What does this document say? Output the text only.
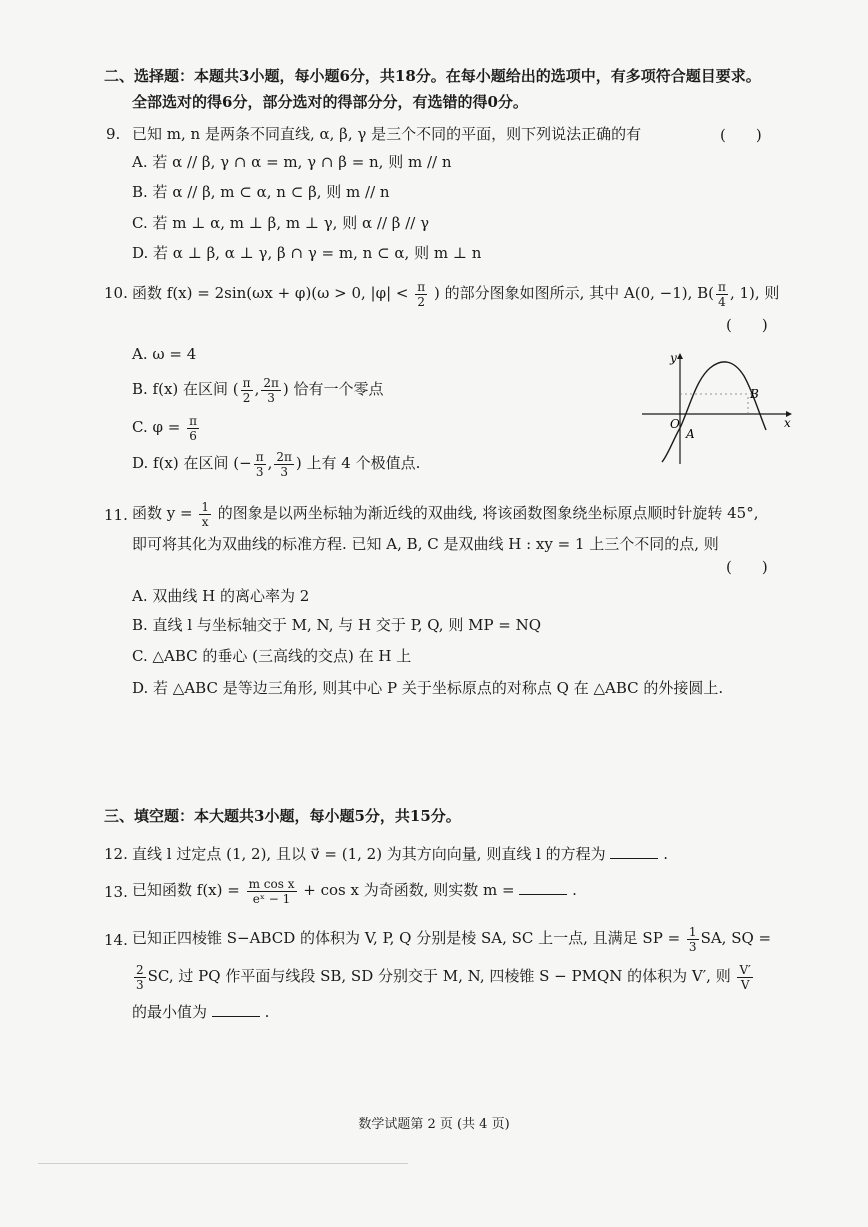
二、选择题：本题共3小题，每小题6分，共18分。在每小题给出的选项中，有多项符合题目要求。
全部选对的得6分，部分选对的得部分分，有选错的得0分。
9. 已知 m, n 是两条不同直线, α, β, γ 是三个不同的平面，则下列说法正确的有	(　　)
A. 若 α // β, γ ∩ α = m, γ ∩ β = n, 则 m // n
B. 若 α // β, m ⊂ α, n ⊂ β, 则 m // n
C. 若 m ⊥ α, m ⊥ β, m ⊥ γ, 则 α // β // γ
D. 若 α ⊥ β, α ⊥ γ, β ∩ γ = m, n ⊂ α, 则 m ⊥ n
10. 函数 f(x) = 2sin(ωx + φ)(ω > 0, $|\varphi| < \frac{\pi}{2}$ ) 的部分图象如图所示, 其中 A(0, −1), $B( \frac{\pi}{4}$ , 1), 则
(　　)
A. ω = 4
B. f(x) 在区间 ( $\frac{\pi}{2}$ , $\frac{2\pi}{3}$ ) 恰有一个零点
C. $\varphi = \frac{\pi}{6}$
D. f(x) 在区间 (− $\frac{\pi}{3}$ , $\frac{2\pi}{3}$ ) 上有 4 个极值点.
y
x
O
A
B
11. 函数 $y = \frac{1}{x}$ 的图象是以两坐标轴为渐近线的双曲线, 将该函数图象绕坐标原点顺时针旋转 45°,
即可将其化为双曲线的标准方程. 已知 A, B, C 是双曲线 H : xy = 1 上三个不同的点, 则
(　　)
A. 双曲线 H 的离心率为 2
B. 直线 l 与坐标轴交于 M, N, 与 H 交于 P, Q, 则 MP = NQ
C. △ABC 的垂心 (三高线的交点) 在 H 上
D. 若 △ABC 是等边三角形, 则其中心 P 关于坐标原点的对称点 Q 在 △ABC 的外接圆上.
三、填空题：本大题共3小题，每小题5分，共15分。
12. 直线 l 过定点 (1, 2), 且以 v⃗ = (1, 2) 为其方向向量, 则直线 l 的方程为	.
13. 已知函数 $f(x) = \frac{\text{m cos x}}{\text{eˣ − 1}} + \cos x$ 为奇函数, 则实数 m =	.
14. 已知正四棱锥 S−ABCD 的体积为 V, P, Q 分别是棱 SA, SC 上一点, 且满足 SP = $\frac{1}{3}$ SA, SQ =
$\frac{2}{3}$ SC, 过 PQ 作平面与线段 SB, SD 分别交于 M, N, 四棱锥 S − PMQN 的体积为 V′, 则 $\frac{V'}{V}$
的最小值为	.
数学试题第 2 页 (共 4 页)
